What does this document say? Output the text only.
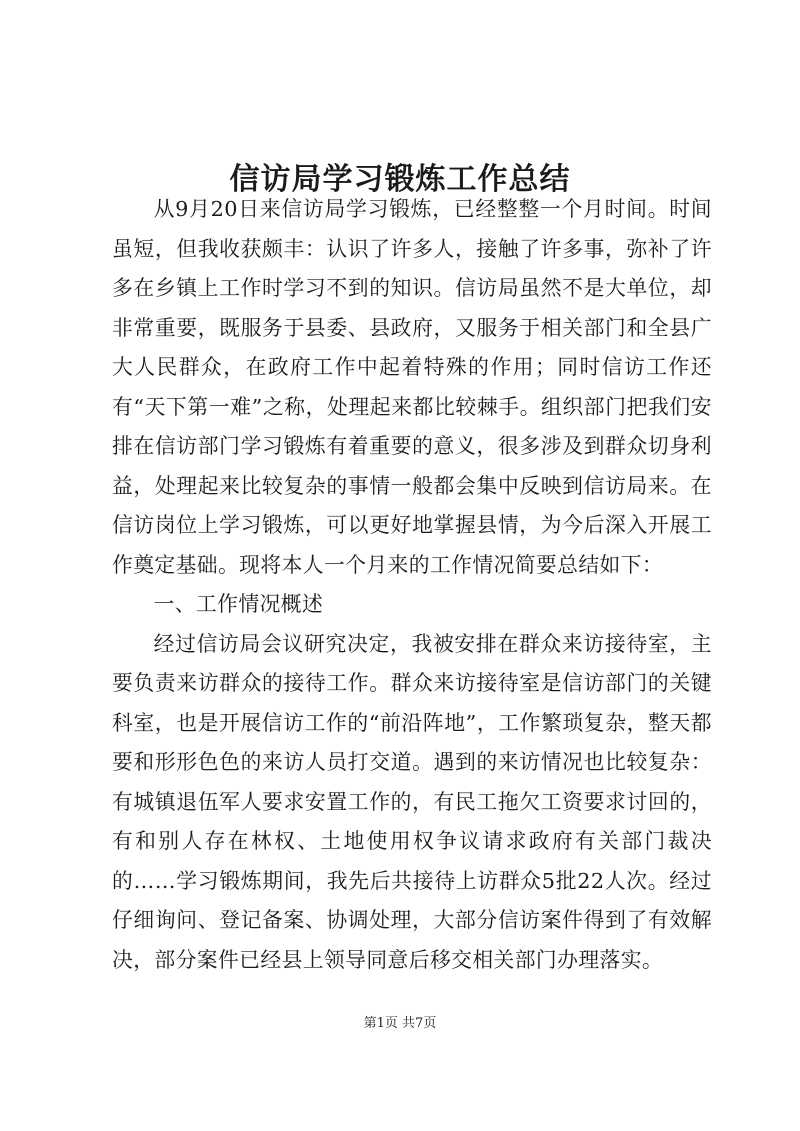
信访局学习锻炼工作总结

从9月20日来信访局学习锻炼，已经整整一个月时间。时间虽短，但我收获颇丰：认识了许多人，接触了许多事，弥补了许多在乡镇上工作时学习不到的知识。信访局虽然不是大单位，却非常重要，既服务于县委、县政府，又服务于相关部门和全县广大人民群众，在政府工作中起着特殊的作用；同时信访工作还有“天下第一难”之称，处理起来都比较棘手。组织部门把我们安排在信访部门学习锻炼有着重要的意义，很多涉及到群众切身利益，处理起来比较复杂的事情一般都会集中反映到信访局来。在信访岗位上学习锻炼，可以更好地掌握县情，为今后深入开展工作奠定基础。现将本人一个月来的工作情况简要总结如下：

一、工作情况概述

经过信访局会议研究决定，我被安排在群众来访接待室，主要负责来访群众的接待工作。群众来访接待室是信访部门的关键科室，也是开展信访工作的“前沿阵地”，工作繁琐复杂，整天都要和形形色色的来访人员打交道。遇到的来访情况也比较复杂：有城镇退伍军人要求安置工作的，有民工拖欠工资要求讨回的，有和别人存在林权、土地使用权争议请求政府有关部门裁决的……学习锻炼期间，我先后共接待上访群众5批22人次。经过仔细询问、登记备案、协调处理，大部分信访案件得到了有效解决，部分案件已经县上领导同意后移交相关部门办理落实。

第1页 共7页
